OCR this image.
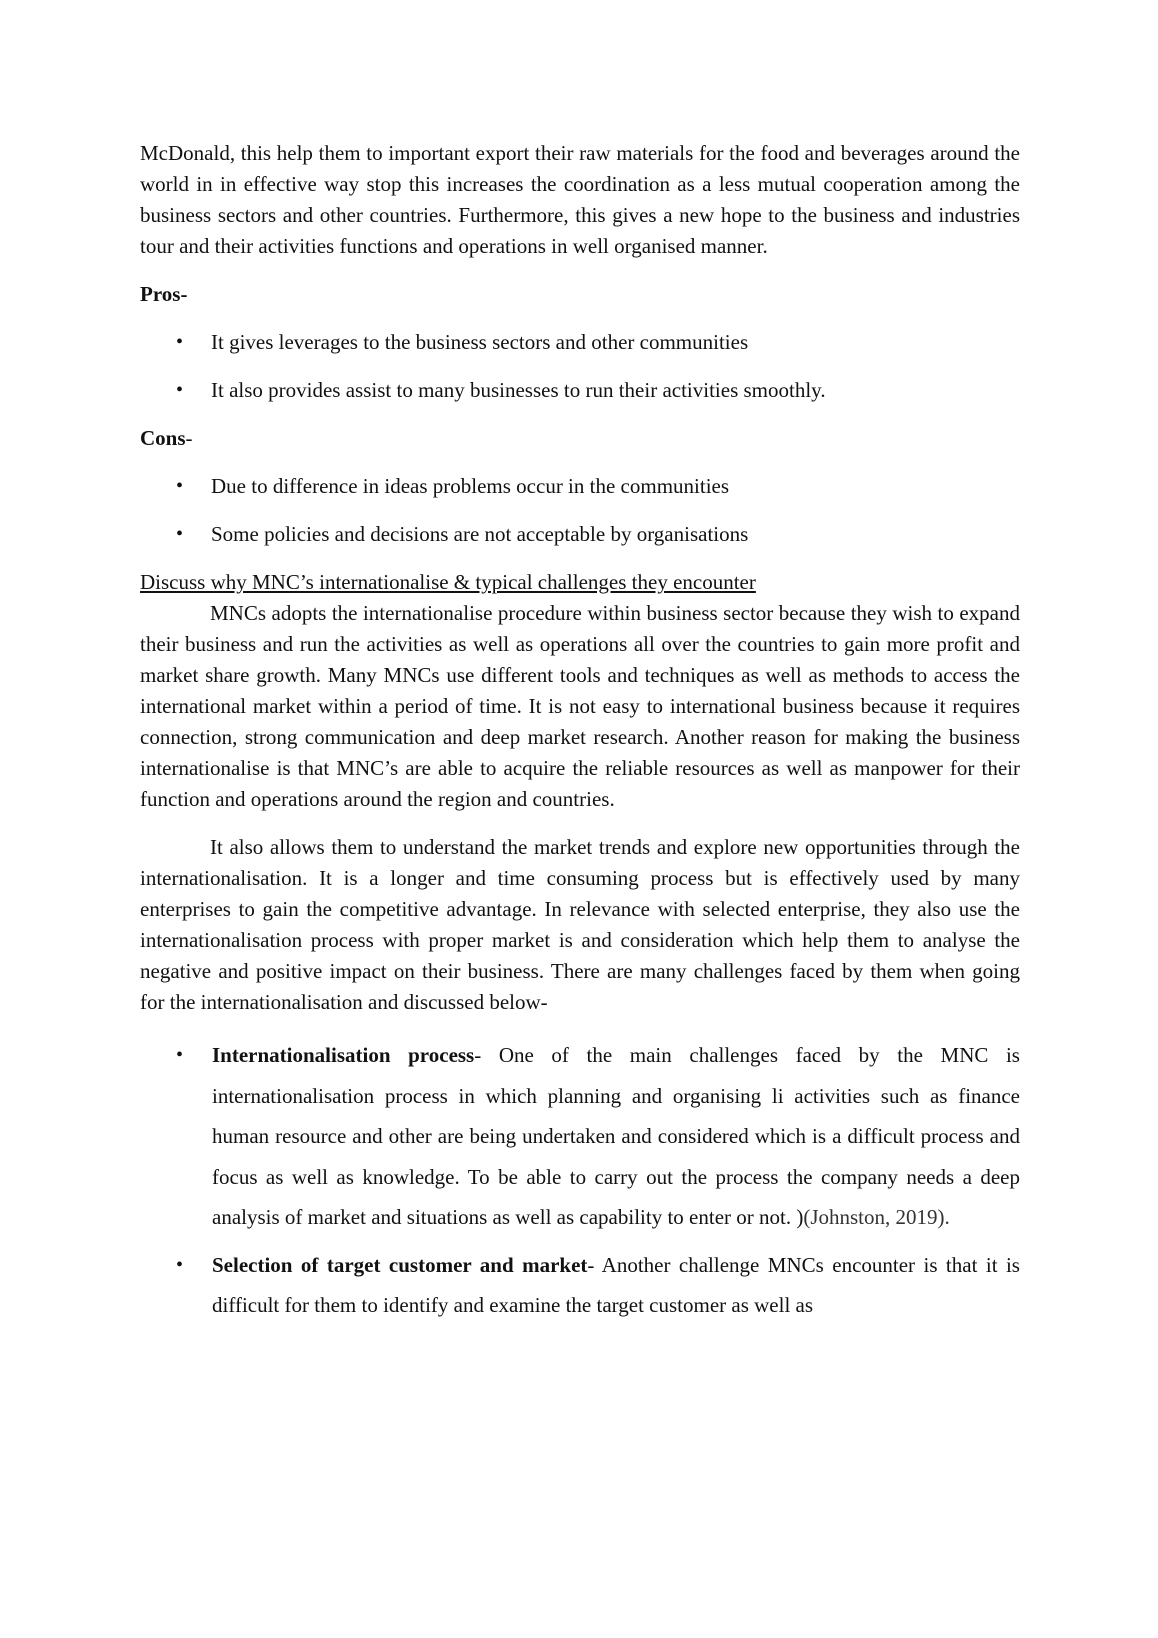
McDonald, this help them to important export their raw materials for the food and beverages around the world in in effective way stop this increases the coordination as a less mutual cooperation among the business sectors and other countries. Furthermore, this gives a new hope to the business and industries tour and their activities functions and operations in well organised manner.

Pros-

• It gives leverages to the business sectors and other communities
• It also provides assist to many businesses to run their activities smoothly.

Cons-

• Due to difference in ideas problems occur in the communities
• Some policies and decisions are not acceptable by organisations

Discuss why MNC’s internationalise & typical challenges they encounter

MNCs adopts the internationalise procedure within business sector because they wish to expand their business and run the activities as well as operations all over the countries to gain more profit and market share growth. Many MNCs use different tools and techniques as well as methods to access the international market within a period of time. It is not easy to international business because it requires connection, strong communication and deep market research. Another reason for making the business internationalise is that MNC’s are able to acquire the reliable resources as well as manpower for their function and operations around the region and countries.

It also allows them to understand the market trends and explore new opportunities through the internationalisation. It is a longer and time consuming process but is effectively used by many enterprises to gain the competitive advantage. In relevance with selected enterprise, they also use the internationalisation process with proper market is and consideration which help them to analyse the negative and positive impact on their business. There are many challenges faced by them when going for the internationalisation and discussed below-

• Internationalisation process- One of the main challenges faced by the MNC is internationalisation process in which planning and organising li activities such as finance human resource and other are being undertaken and considered which is a difficult process and focus as well as knowledge. To be able to carry out the process the company needs a deep analysis of market and situations as well as capability to enter or not. )(Johnston, 2019).
• Selection of target customer and market- Another challenge MNCs encounter is that it is difficult for them to identify and examine the target customer as well as
